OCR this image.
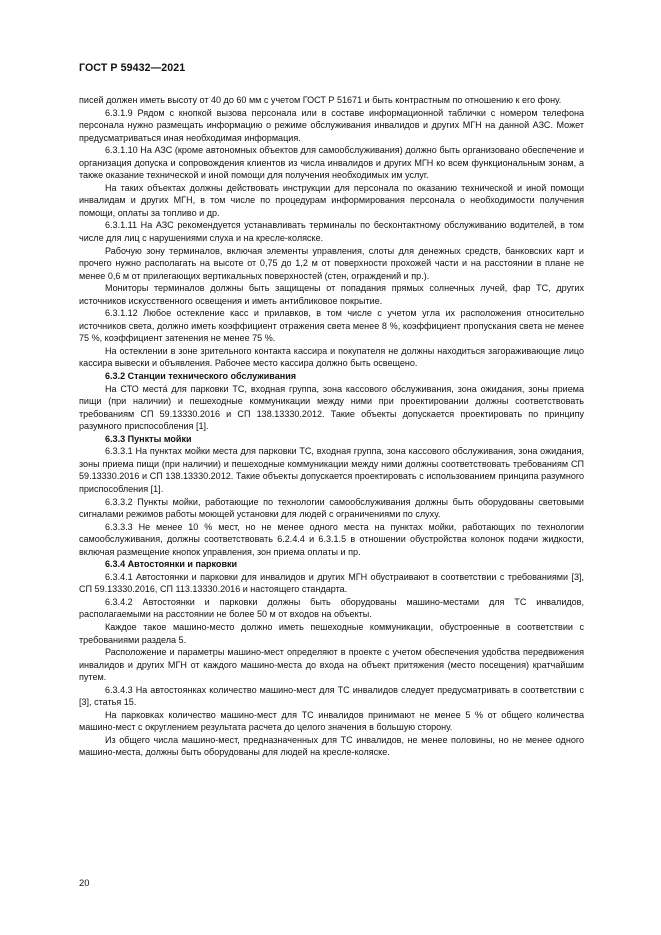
ГОСТ Р 59432—2021

писей должен иметь высоту от 40 до 60 мм с учетом ГОСТ Р 51671 и быть контрастным по отношению к его фону.

6.3.1.9 Рядом с кнопкой вызова персонала или в составе информационной таблички с номером телефона персонала нужно размещать информацию о режиме обслуживания инвалидов и других МГН на данной АЗС. Может предусматриваться иная необходимая информация.

6.3.1.10 На АЗС (кроме автономных объектов для самообслуживания) должно быть организовано обеспечение и организация допуска и сопровождения клиентов из числа инвалидов и других МГН ко всем функциональным зонам, а также оказание технической и иной помощи для получения необходимых им услуг.

На таких объектах должны действовать инструкции для персонала по оказанию технической и иной помощи инвалидам и других МГН, в том числе по процедурам информирования персонала о необходимости получения помощи, оплаты за топливо и др.

6.3.1.11 На АЗС рекомендуется устанавливать терминалы по бесконтактному обслуживанию водителей, в том числе для лиц с нарушениями слуха и на кресле-коляске.

Рабочую зону терминалов, включая элементы управления, слоты для денежных средств, банковских карт и прочего нужно располагать на высоте от 0,75 до 1,2 м от поверхности прохожей части и на расстоянии в плане не менее 0,6 м от прилегающих вертикальных поверхностей (стен, ограждений и пр.).

Мониторы терминалов должны быть защищены от попадания прямых солнечных лучей, фар ТС, других источников искусственного освещения и иметь антибликовое покрытие.

6.3.1.12 Любое остекление касс и прилавков, в том числе с учетом угла их расположения относительно источников света, должно иметь коэффициент отражения света менее 8 %, коэффициент пропускания света не менее 75 %, коэффициент затенения не менее 75 %.

На остеклении в зоне зрительного контакта кассира и покупателя не должны находиться загораживающие лицо кассира вывески и объявления. Рабочее место кассира должно быть освещено.

6.3.2 Станции технического обслуживания

На СТО места́ для парковки ТС, входная группа, зона кассового обслуживания, зона ожидания, зоны приема пищи (при наличии) и пешеходные коммуникации между ними при проектировании должны соответствовать требованиям СП 59.13330.2016 и СП 138.13330.2012. Такие объекты допускается проектировать по принципу разумного приспособления [1].

6.3.3 Пункты мойки

6.3.3.1 На пунктах мойки места для парковки ТС, входная группа, зона кассового обслуживания, зона ожидания, зоны приема пищи (при наличии) и пешеходные коммуникации между ними должны соответствовать требованиям СП 59.13330.2016 и СП 138.13330.2012. Такие объекты допускается проектировать с использованием принципа разумного приспособления [1].

6.3.3.2 Пункты мойки, работающие по технологии самообслуживания должны быть оборудованы световыми сигналами режимов работы моющей установки для людей с ограничениями по слуху.

6.3.3.3 Не менее 10 % мест, но не менее одного места на пунктах мойки, работающих по технологии самообслуживания, должны соответствовать 6.2.4.4 и 6.3.1.5 в отношении обустройства колонок подачи жидкости, включая размещение кнопок управления, зон приема оплаты и пр.

6.3.4 Автостоянки и парковки

6.3.4.1 Автостоянки и парковки для инвалидов и других МГН обустраивают в соответствии с требованиями [3], СП 59.13330.2016, СП 113.13330.2016 и настоящего стандарта.

6.3.4.2 Автостоянки и парковки должны быть оборудованы машино-местами для ТС инвалидов, располагаемыми на расстоянии не более 50 м от входов на объекты.

Каждое такое машино-место должно иметь пешеходные коммуникации, обустроенные в соответствии с требованиями раздела 5.

Расположение и параметры машино-мест определяют в проекте с учетом обеспечения удобства передвижения инвалидов и других МГН от каждого машино-места до входа на объект притяжения (место посещения) кратчайшим путем.

6.3.4.3 На автостоянках количество машино-мест для ТС инвалидов следует предусматривать в соответствии с [3], статья 15.

На парковках количество машино-мест для ТС инвалидов принимают не менее 5 % от общего количества машино-мест с округлением результата расчета до целого значения в большую сторону.

Из общего числа машино-мест, предназначенных для ТС инвалидов, не менее половины, но не менее одного машино-места, должны быть оборудованы для людей на кресле-коляске.

20
